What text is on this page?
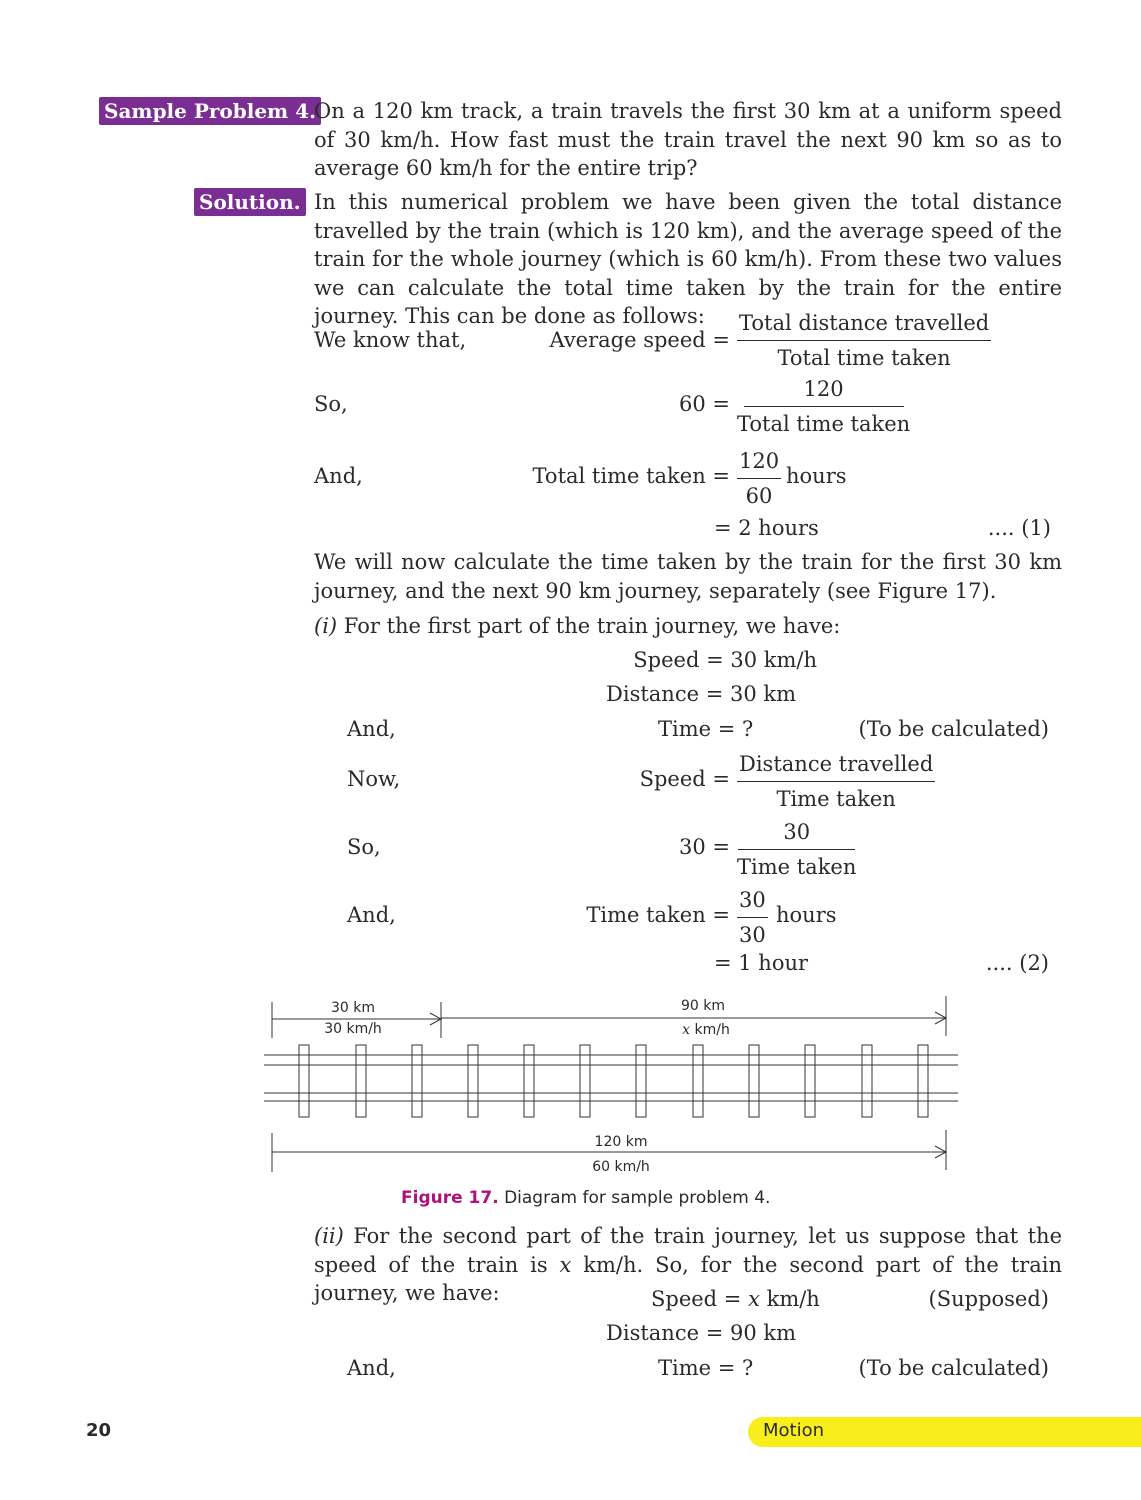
Sample Problem 4.
On a 120 km track, a train travels the first 30 km at a uniform speed of 30 km/h. How fast must the train travel the next 90 km so as to average 60 km/h for the entire trip?
Solution. In this numerical problem we have been given the total distance travelled by the train (which is 120 km), and the average speed of the train for the whole journey (which is 60 km/h). From these two values we can calculate the total time taken by the train for the entire journey. This can be done as follows:
We know that,	Average speed =
Total distance travelled
Total time taken
So,	60 =
120
Total time taken
And,	Total time taken = $\frac{120}{60}$ hours
= 2 hours	.... (1)
We will now calculate the time taken by the train for the first 30 km journey, and the next 90 km journey, separately (see Figure 17).
(i) For the first part of the train journey, we have:
Speed = 30 km/h
Distance = 30 km
And,	Time = ?	(To be calculated)
Now,	Speed =
Distance travelled
Time taken
So,	30 =
30
Time taken
And,	Time taken = $\frac{30}{30}$ hours
= 1 hour	.... (2)
30 km
30 km/h
90 km
x km/h
120 km
60 km/h
Figure 17. Diagram for sample problem 4.
(ii) For the second part of the train journey, let us suppose that the speed of the train is x km/h. So, for the second part of the train journey, we have:	Speed = x km/h	(Supposed)
Distance = 90 km
And,	Time = ?	(To be calculated)
20	Motion
